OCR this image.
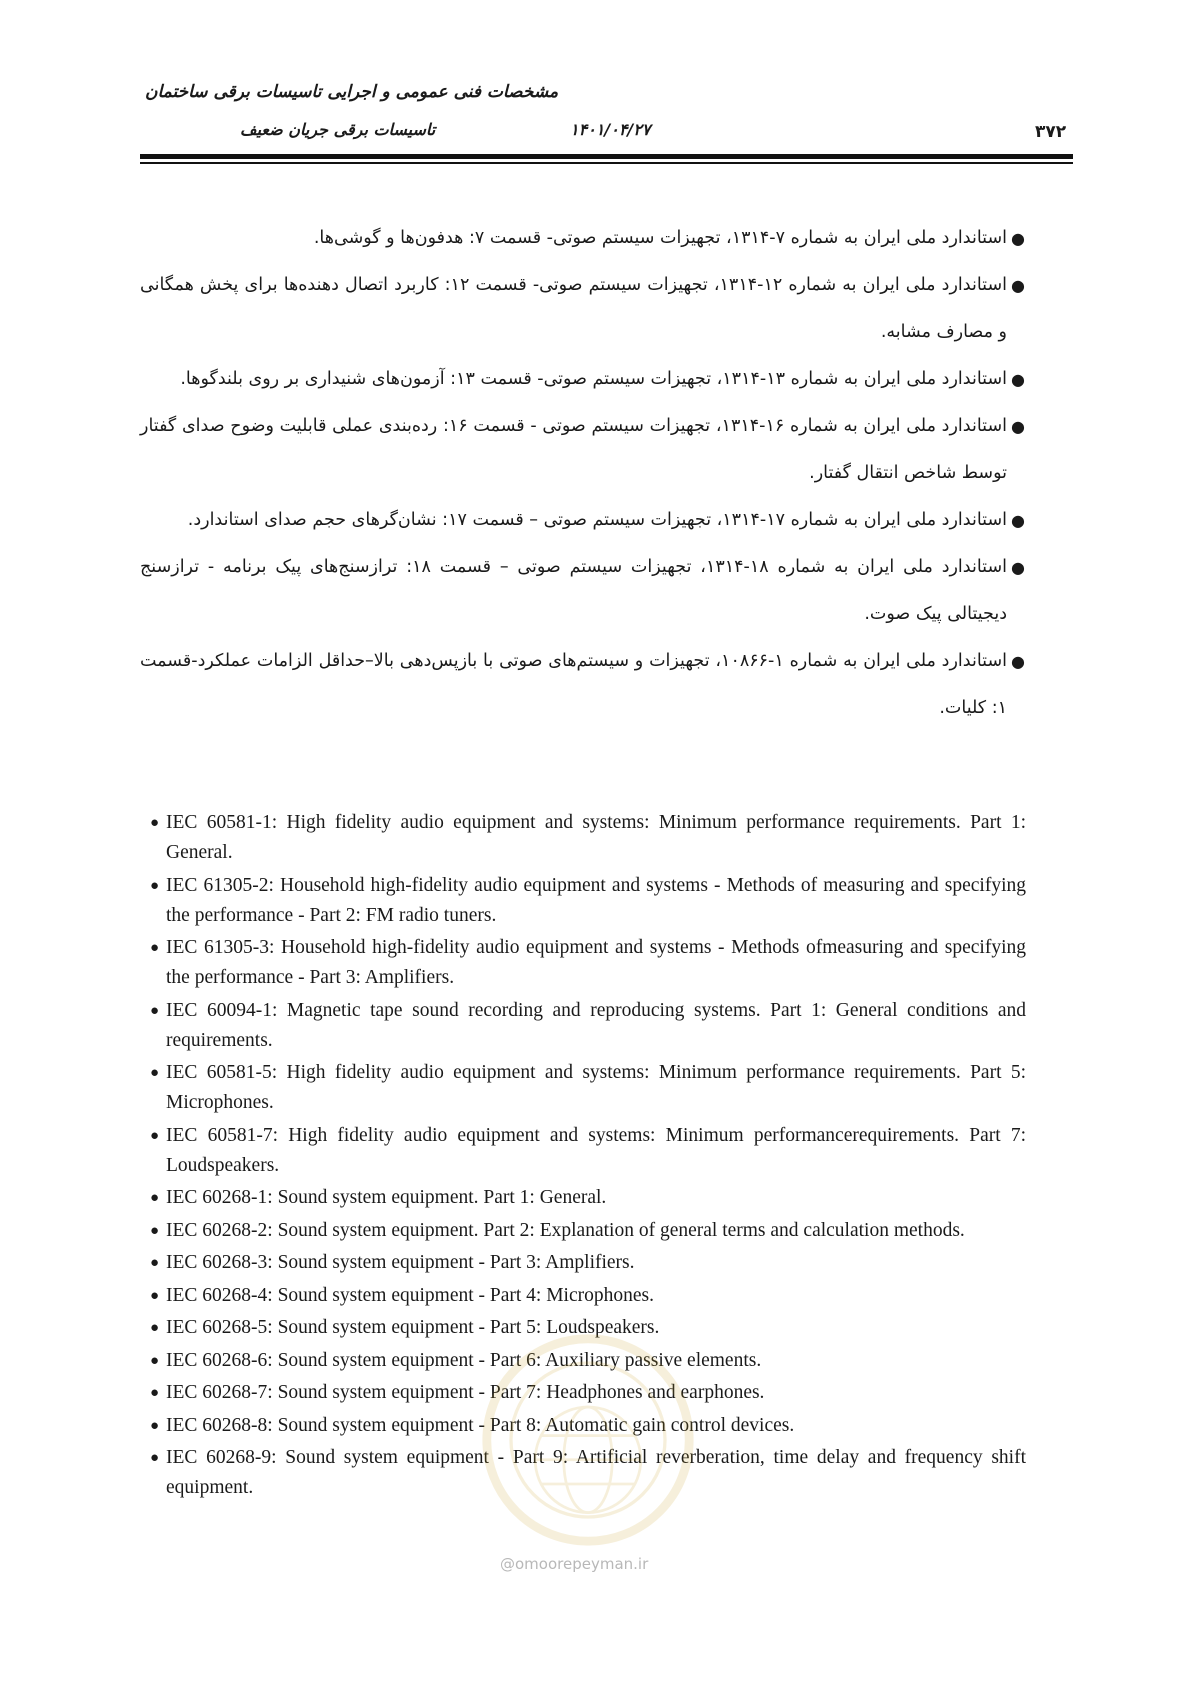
مشخصات فنی عمومی و اجرایی تاسیسات برقی ساختمان
تاسیسات برقی جریان ضعیف	۱۴۰۱/۰۴/۲۷	۳۷۲
●
استاندارد ملی ایران به شماره ۷-۱۳۱۴، تجهیزات سیستم صوتی- قسمت ۷: هدفون‌ها و گوشی‌ها.
●
استاندارد ملی ایران به شماره ۱۲-۱۳۱۴، تجهیزات سیستم صوتی- قسمت ۱۲: کاربرد اتصال دهنده‌ها برای پخش همگانی و مصارف مشابه.
●
استاندارد ملی ایران به شماره ۱۳-۱۳۱۴، تجهیزات سیستم صوتی- قسمت ۱۳: آزمون‌های شنیداری بر روی بلندگوها.
●
استاندارد ملی ایران به شماره ۱۶-۱۳۱۴، تجهیزات سیستم صوتی - قسمت ۱۶: رده‌بندی عملی قابلیت وضوح صدای گفتار توسط شاخص انتقال گفتار.
●
استاندارد ملی ایران به شماره ۱۷-۱۳۱۴، تجهیزات سیستم صوتی – قسمت ۱۷: نشان‌گرهای حجم صدای استاندارد.
●
استاندارد ملی ایران به شماره ۱۸-۱۳۱۴، تجهیزات سیستم صوتی – قسمت ۱۸: ترازسنج‌های پیک برنامه - ترازسنج دیجیتالی پیک صوت.
●
استاندارد ملی ایران به شماره ۱-۱۰۸۶۶، تجهیزات و سیستم‌های صوتی با بازپس‌دهی بالا–حداقل الزامات عملکرد-قسمت ۱: کلیات.
● IEC 60581-1: High fidelity audio equipment and systems: Minimum performance requirements. Part 1: General.
● IEC 61305-2: Household high-fidelity audio equipment and systems - Methods of measuring and specifying the performance - Part 2: FM radio tuners.
● IEC 61305-3: Household high-fidelity audio equipment and systems - Methods ofmeasuring and specifying the performance - Part 3: Amplifiers.
● IEC 60094-1: Magnetic tape sound recording and reproducing systems. Part 1: General conditions and requirements.
● IEC 60581-5: High fidelity audio equipment and systems: Minimum performance requirements. Part 5: Microphones.
● IEC 60581-7: High fidelity audio equipment and systems: Minimum performancerequirements. Part 7: Loudspeakers.
● IEC 60268-1: Sound system equipment. Part 1: General.
● IEC 60268-2: Sound system equipment. Part 2: Explanation of general terms and calculation methods.
● IEC 60268-3: Sound system equipment - Part 3: Amplifiers.
● IEC 60268-4: Sound system equipment - Part 4: Microphones.
● IEC 60268-5: Sound system equipment - Part 5: Loudspeakers.
● IEC 60268-6: Sound system equipment - Part 6: Auxiliary passive elements.
● IEC 60268-7: Sound system equipment - Part 7: Headphones and earphones.
● IEC 60268-8: Sound system equipment - Part 8: Automatic gain control devices.
● IEC 60268-9: Sound system equipment - Part 9: Artificial reverberation, time delay and frequency shift equipment.
@omoorepeyman.ir
